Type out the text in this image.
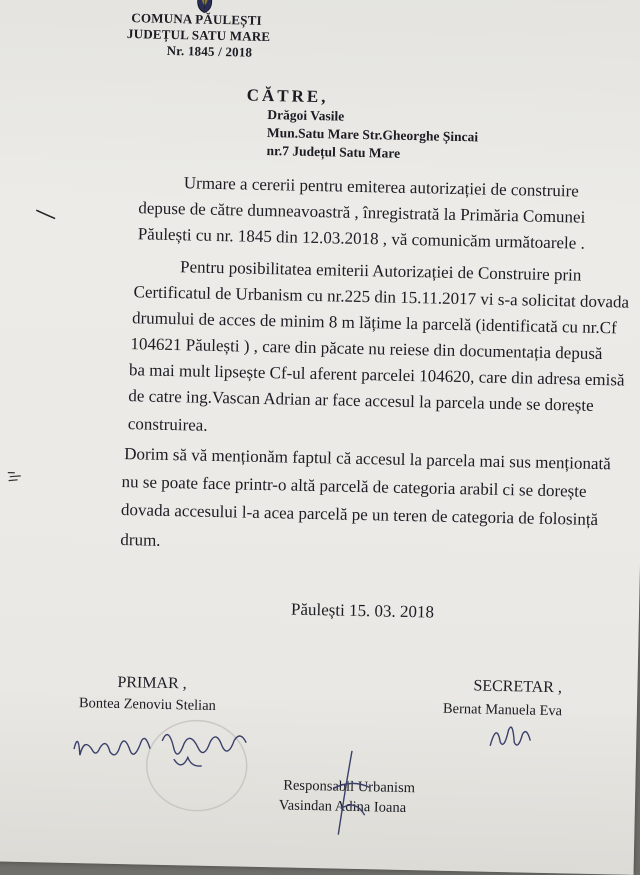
COMUNA PĂULEȘTI
JUDEȚUL SATU MARE
Nr. 1845 / 2018
CĂTRE,
Drăgoi Vasile
Mun.Satu Mare Str.Gheorghe Șincai
nr.7 Județul Satu Mare
Urmare a cererii pentru emiterea autorizației de construire
depuse de către dumneavoastră , înregistrată la Primăria Comunei
Păulești cu nr. 1845 din 12.03.2018 , vă comunicăm următoarele .
Pentru posibilitatea emiterii Autorizației de Construire prin
Certificatul de Urbanism cu nr.225 din 15.11.2017 vi s-a solicitat dovada
drumului de acces de minim 8 m lățime la parcelă (identificată cu nr.Cf
104621 Păulești ) , care din păcate nu reiese din documentația depusă
ba mai mult lipsește Cf-ul aferent parcelei 104620, care din adresa emisă
de catre ing.Vascan Adrian ar face accesul la parcela unde se dorește
construirea.
Dorim să vă menționăm faptul că accesul la parcela mai sus menționată
nu se poate face printr-o altă parcelă de categoria arabil ci se dorește
dovada accesului l-a acea parcelă pe un teren de categoria de folosință
drum.
Păulești 15. 03. 2018
PRIMAR ,
Bontea Zenoviu Stelian
SECRETAR ,
Bernat Manuela Eva
Responsabil Urbanism
Vasindan Adina Ioana
